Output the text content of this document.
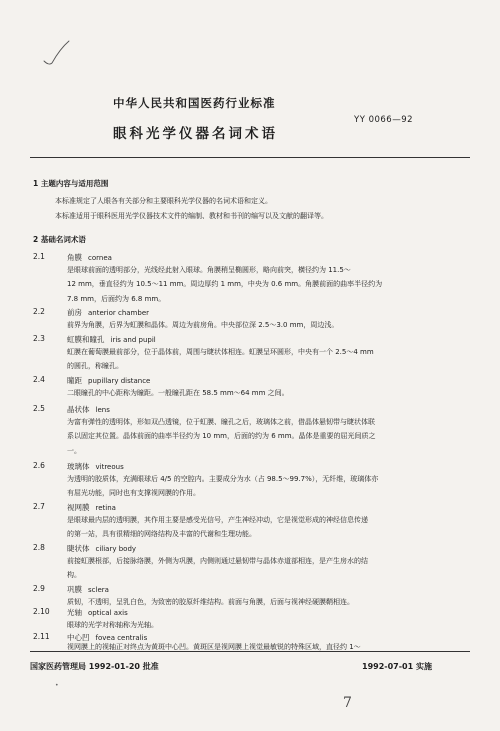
中华人民共和国医药行业标准
YY 0066—92
眼科光学仪器名词术语
1 主题内容与适用范围
本标准规定了人眼各有关部分和主要眼科光学仪器的名词术语和定义。
本标准适用于眼科医用光学仪器技术文件的编制、教材和书刊的编写以及文献的翻译等。
2 基础名词术语
2.1	角膜 cornea
是眼球前面的透明部分，光线经此射入眼球。角膜稍呈椭圆形，略向前突，横径约为 11.5～
12 mm，垂直径约为 10.5～11 mm。周边厚约 1 mm，中央为 0.6 mm。角膜前面的曲率半径约为
7.8 mm，后面约为 6.8 mm。
2.2	前房 anterior chamber
前界为角膜，后界为虹膜和晶体。周边为前房角。中央部位深 2.5～3.0 mm，周边浅。
2.3	虹膜和瞳孔 iris and pupil
虹膜在葡萄膜最前部分，位于晶体前，周围与睫状体相连。虹膜呈环圆形，中央有一个 2.5～4 mm
的圆孔，称瞳孔。
2.4	瞳距 pupillary distance
二眼瞳孔的中心距称为瞳距。一般瞳孔距在 58.5 mm～64 mm 之间。
2.5	晶状体 lens
为富有弹性的透明体，形如双凸透镜，位于虹膜、瞳孔之后，玻璃体之前，借晶体悬韧带与睫状体联
系以固定其位置。晶体前面的曲率半径约为 10 mm，后面的约为 6 mm。晶体是重要的屈光间质之
一。
2.6	玻璃体 vitreous
为透明的胶质体，充满眼球后 4/5 的空腔内。主要成分为水（占 98.5～99.7%），无纤维，玻璃体亦
有屈光功能，同时也有支撑视网膜的作用。
2.7	视网膜 retina
是眼球最内层的透明膜，其作用主要是感受光信号，产生神经冲动，它是视觉形成的神经信息传递
的第一站，具有很精细的网络结构及丰富的代谢和生理功能。
2.8	睫状体 ciliary body
前接虹膜根部，后接脉络膜，外侧为巩膜，内侧则通过悬韧带与晶体赤道部相连，是产生房水的结
构。
2.9	巩膜 sclera
质韧，不透明，呈乳白色，为致密的胶原纤维结构。前面与角膜，后面与视神经硬膜鞘相连。
2.10 光轴 optical axis
眼球的光学对称轴称为光轴。
2.11 中心凹 fovea centralis
视网膜上的视轴正对终点为黄斑中心凹。黄斑区是视网膜上视觉最敏锐的特殊区域，直径约 1～
国家医药管理局 1992-01-20 批准	1992-07-01 实施
•
7
